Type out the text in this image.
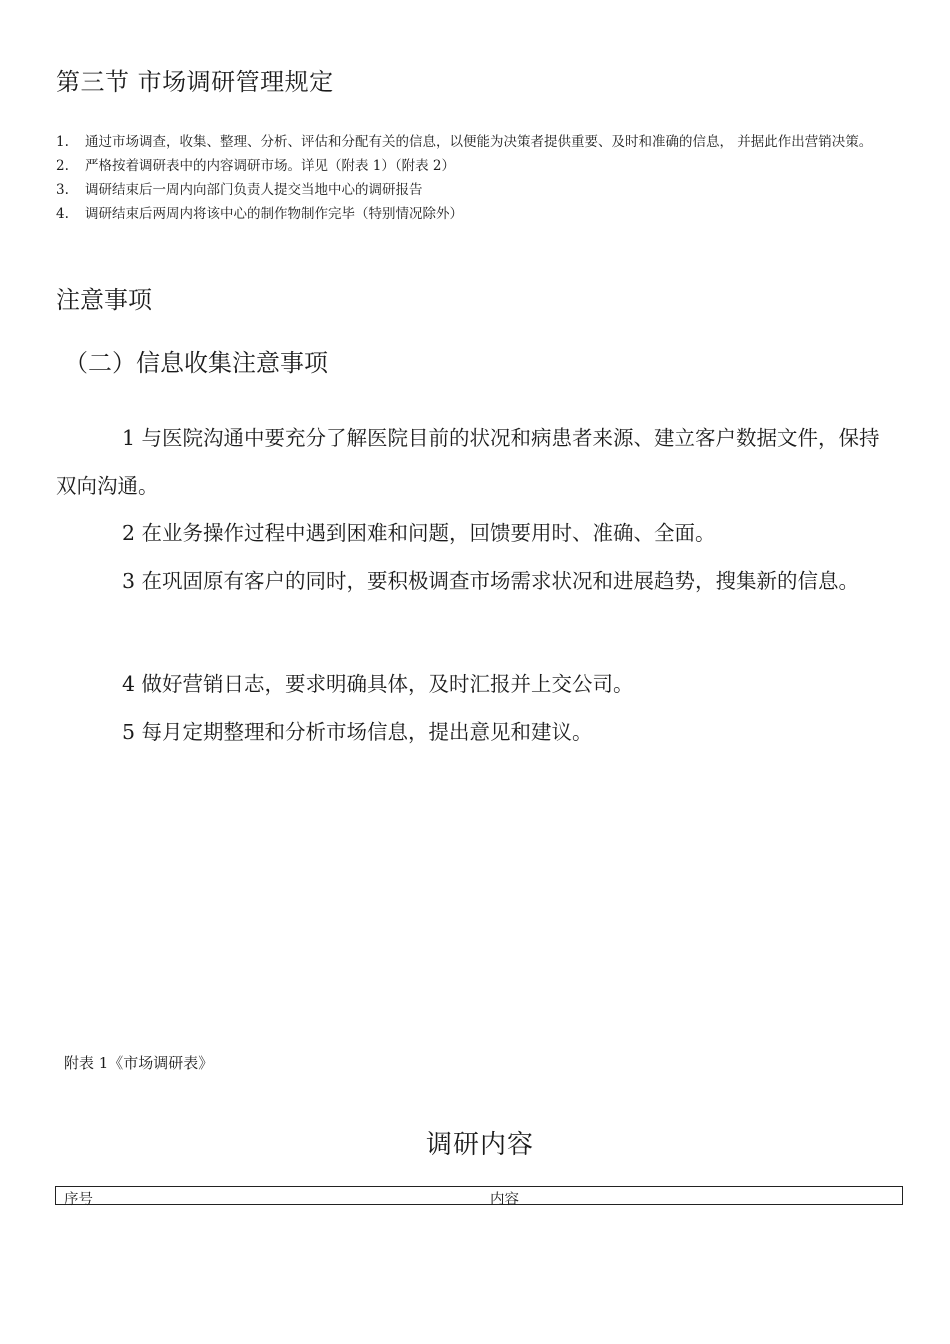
第三节 市场调研管理规定
1. 通过市场调查，收集、整理、分析、评估和分配有关的信息，以便能为决策者提供重要、及时和准确的信息， 并据此作出营销决策。
2. 严格按着调研表中的内容调研市场。详见（附表 1）（附表 2）
3. 调研结束后一周内向部门负责人提交当地中心的调研报告
4. 调研结束后两周内将该中心的制作物制作完毕（特别情况除外）
注意事项
（二）信息收集注意事项

1 与医院沟通中要充分了解医院目前的状况和病患者来源、建立客户数据文件，保持双向沟通。

2 在业务操作过程中遇到困难和问题，回馈要用时、准确、全面。

3 在巩固原有客户的同时，要积极调查市场需求状况和进展趋势，搜集新的信息。

4 做好营销日志，要求明确具体，及时汇报并上交公司。

5 每月定期整理和分析市场信息，提出意见和建议。

附表 1《市场调研表》
调研内容
序号	内容
